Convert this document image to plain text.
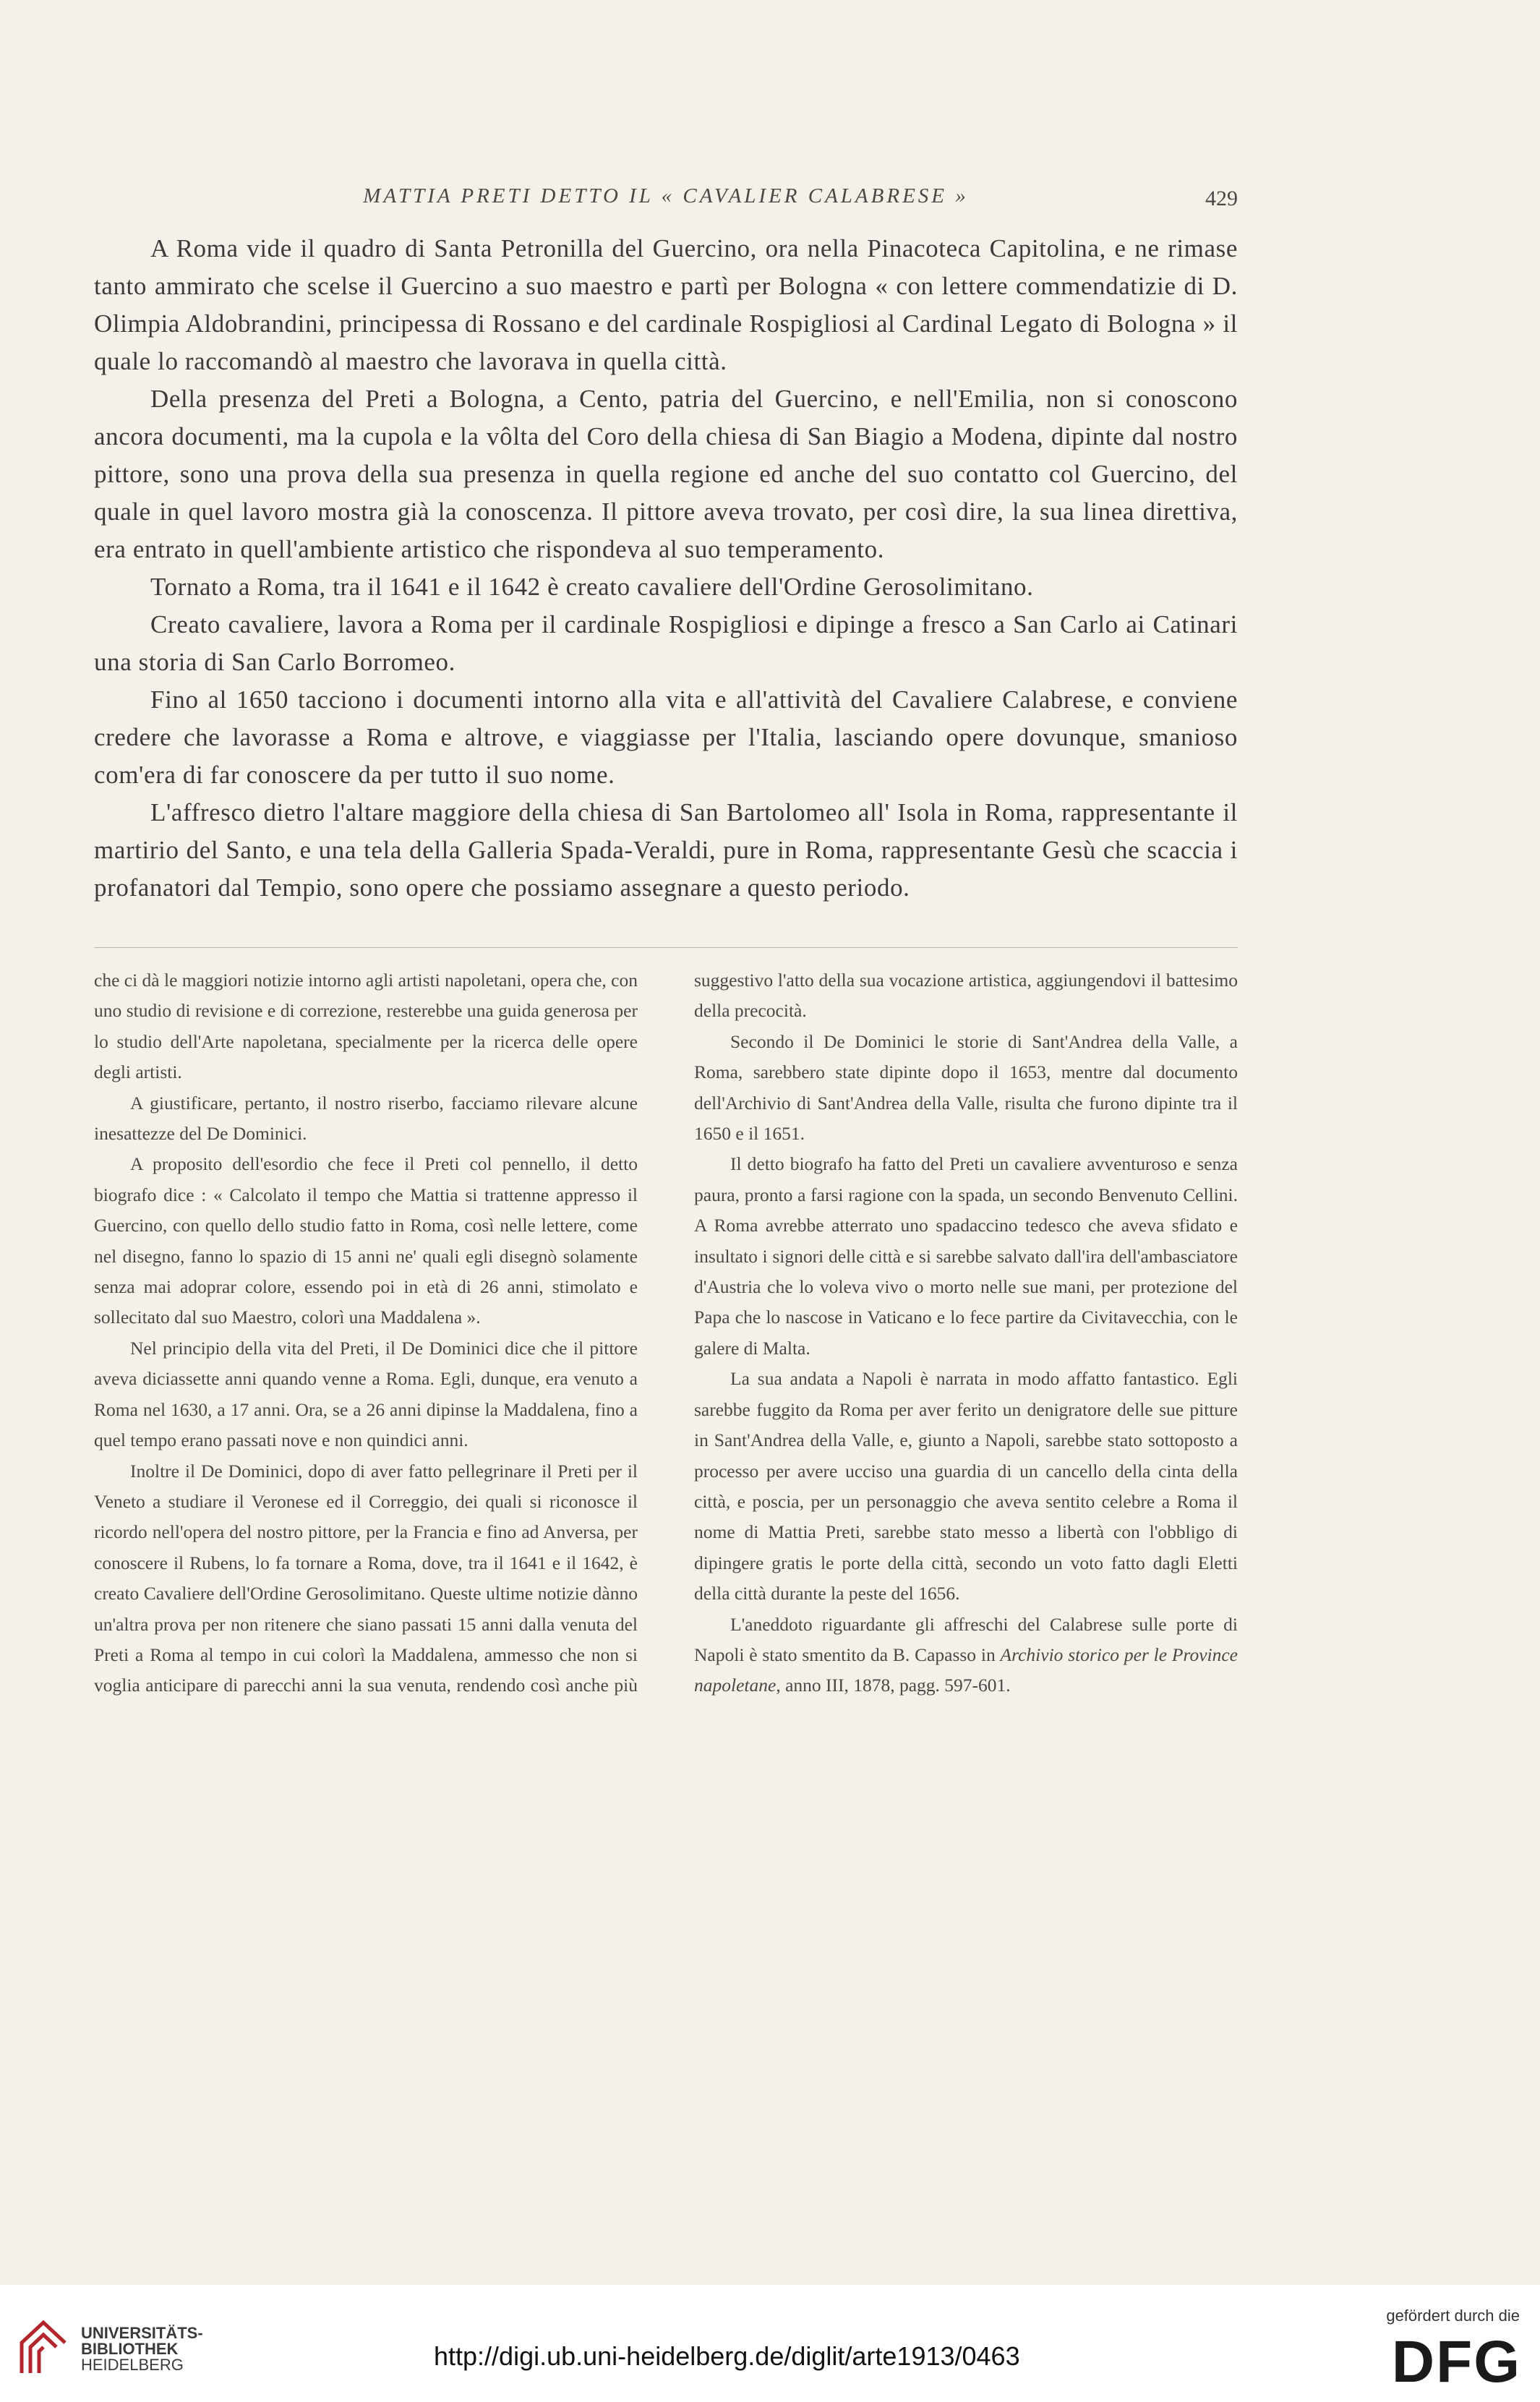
MATTIA PRETI DETTO IL « CAVALIER CALABRESE »	429

A Roma vide il quadro di Santa Petronilla del Guercino, ora nella Pinacoteca Capitolina, e ne rimase tanto ammirato che scelse il Guercino a suo maestro e partì per Bologna « con lettere commendatizie di D. Olimpia Aldobrandini, principessa di Rossano e del cardinale Rospigliosi al Cardinal Legato di Bologna » il quale lo raccomandò al maestro che lavorava in quella città.

Della presenza del Preti a Bologna, a Cento, patria del Guercino, e nell'Emilia, non si conoscono ancora documenti, ma la cupola e la vôlta del Coro della chiesa di San Biagio a Modena, dipinte dal nostro pittore, sono una prova della sua presenza in quella regione ed anche del suo contatto col Guercino, del quale in quel lavoro mostra già la conoscenza. Il pittore aveva trovato, per così dire, la sua linea direttiva, era entrato in quell'ambiente artistico che rispondeva al suo temperamento.

Tornato a Roma, tra il 1641 e il 1642 è creato cavaliere dell'Ordine Gerosolimitano.

Creato cavaliere, lavora a Roma per il cardinale Rospigliosi e dipinge a fresco a San Carlo ai Catinari una storia di San Carlo Borromeo.

Fino al 1650 tacciono i documenti intorno alla vita e all'attività del Cavaliere Calabrese, e conviene credere che lavorasse a Roma e altrove, e viaggiasse per l'Italia, lasciando opere dovunque, smanioso com'era di far conoscere da per tutto il suo nome.

L'affresco dietro l'altare maggiore della chiesa di San Bartolomeo all' Isola in Roma, rappresentante il martirio del Santo, e una tela della Galleria Spada-Veraldi, pure in Roma, rappresentante Gesù che scaccia i profanatori dal Tempio, sono opere che possiamo assegnare a questo periodo.

che ci dà le maggiori notizie intorno agli artisti napoletani, opera che, con uno studio di revisione e di correzione, resterebbe una guida generosa per lo studio dell'Arte napoletana, specialmente per la ricerca delle opere degli artisti.

A giustificare, pertanto, il nostro riserbo, facciamo rilevare alcune inesattezze del De Dominici.

A proposito dell'esordio che fece il Preti col pennello, il detto biografo dice : « Calcolato il tempo che Mattia si trattenne appresso il Guercino, con quello dello studio fatto in Roma, così nelle lettere, come nel disegno, fanno lo spazio di 15 anni ne' quali egli disegnò solamente senza mai adoprar colore, essendo poi in età di 26 anni, stimolato e sollecitato dal suo Maestro, colorì una Maddalena ».

Nel principio della vita del Preti, il De Dominici dice che il pittore aveva diciassette anni quando venne a Roma. Egli, dunque, era venuto a Roma nel 1630, a 17 anni. Ora, se a 26 anni dipinse la Maddalena, fino a quel tempo erano passati nove e non quindici anni.

Inoltre il De Dominici, dopo di aver fatto pellegrinare il Preti per il Veneto a studiare il Veronese ed il Correggio, dei quali si riconosce il ricordo nell'opera del nostro pittore, per la Francia e fino ad Anversa, per conoscere il Rubens, lo fa tornare a Roma, dove, tra il 1641 e il 1642, è creato Cavaliere dell'Ordine Gerosolimitano. Queste ultime notizie dànno un'altra prova per non ritenere che siano passati 15 anni dalla venuta del Preti a Roma al tempo in cui colorì la Maddalena, ammesso che non si voglia anticipare di parecchi anni la sua venuta, rendendo così anche più suggestivo l'atto della sua vocazione artistica, aggiungendovi il battesimo della precocità.

Secondo il De Dominici le storie di Sant'Andrea della Valle, a Roma, sarebbero state dipinte dopo il 1653, mentre dal documento dell'Archivio di Sant'Andrea della Valle, risulta che furono dipinte tra il 1650 e il 1651.

Il detto biografo ha fatto del Preti un cavaliere avventuroso e senza paura, pronto a farsi ragione con la spada, un secondo Benvenuto Cellini. A Roma avrebbe atterrato uno spadaccino tedesco che aveva sfidato e insultato i signori delle città e si sarebbe salvato dall'ira dell'ambasciatore d'Austria che lo voleva vivo o morto nelle sue mani, per protezione del Papa che lo nascose in Vaticano e lo fece partire da Civitavecchia, con le galere di Malta.

La sua andata a Napoli è narrata in modo affatto fantastico. Egli sarebbe fuggito da Roma per aver ferito un denigratore delle sue pitture in Sant'Andrea della Valle, e, giunto a Napoli, sarebbe stato sottoposto a processo per avere ucciso una guardia di un cancello della cinta della città, e poscia, per un personaggio che aveva sentito celebre a Roma il nome di Mattia Preti, sarebbe stato messo a libertà con l'obbligo di dipingere gratis le porte della città, secondo un voto fatto dagli Eletti della città durante la peste del 1656.

L'aneddoto riguardante gli affreschi del Calabrese sulle porte di Napoli è stato smentito da B. Capasso in Archivio storico per le Province napoletane, anno III, 1878, pagg. 597-601.

UNIVERSITÄTS-
BIBLIOTHEK
HEIDELBERG	http://digi.ub.uni-heidelberg.de/diglit/arte1913/0463
gefördert durch die
DFG
